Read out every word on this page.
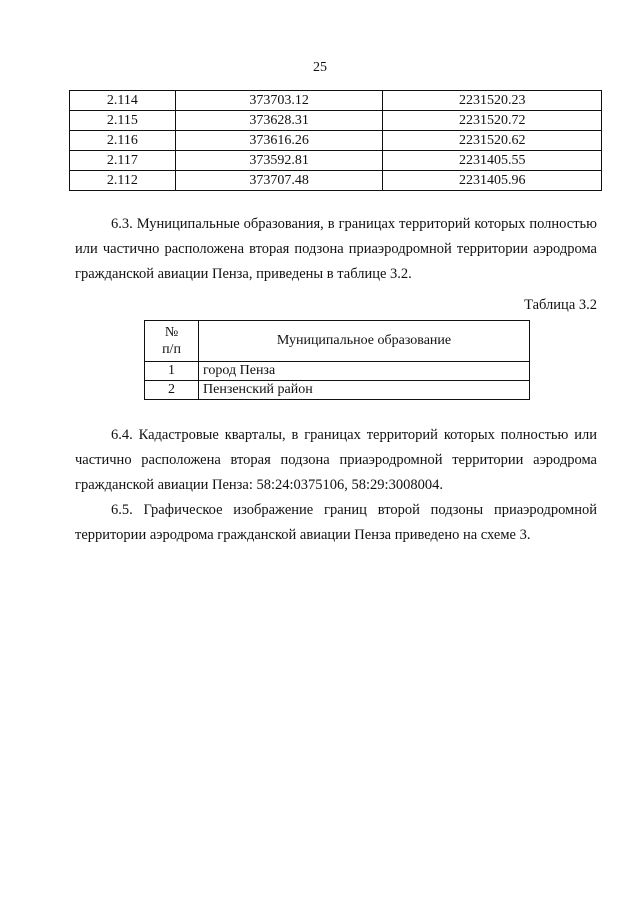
25
2.114	373703.12	2231520.23
2.115	373628.31	2231520.72
2.116	373616.26	2231520.62
2.117	373592.81	2231405.55
2.112	373707.48	2231405.96

6.3. Муниципальные образования, в границах территорий которых полностью или частично расположена вторая подзона приаэродромной территории аэродрома гражданской авиации Пенза, приведены в таблице 3.2.

Таблица 3.2
№
п/п	Муниципальное образование
1	город Пенза
2	Пензенский район

6.4. Кадастровые кварталы, в границах территорий которых полностью или частично расположена вторая подзона приаэродромной территории аэродрома гражданской авиации Пенза: 58:24:0375106, 58:29:3008004.

6.5. Графическое изображение границ второй подзоны приаэродромной территории аэродрома гражданской авиации Пенза приведено на схеме 3.
